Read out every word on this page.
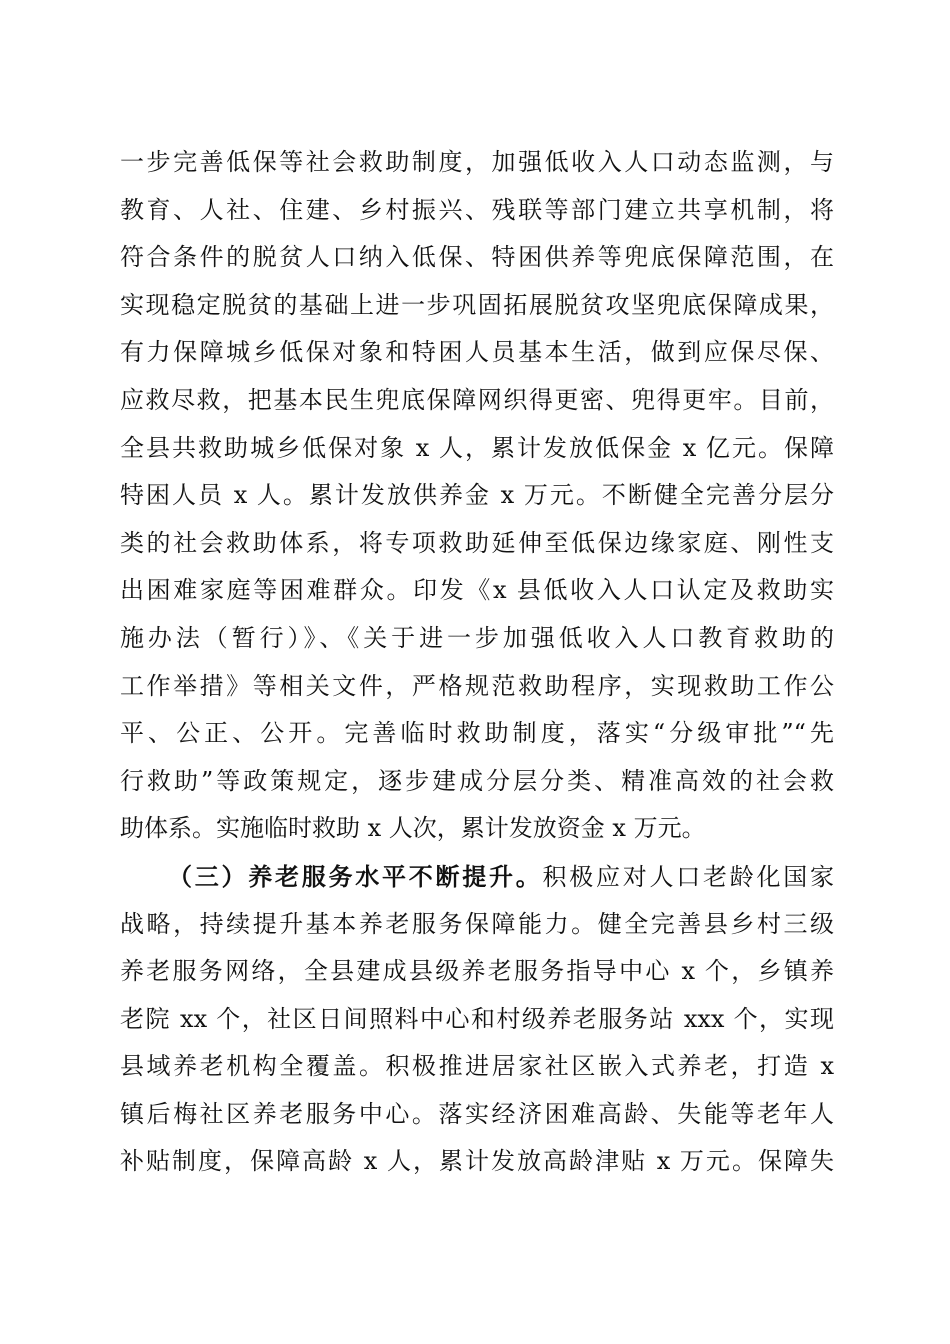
一步完善低保等社会救助制度，加强低收入人口动态监测，与
教育、人社、住建、乡村振兴、残联等部门建立共享机制，将
符合条件的脱贫人口纳入低保、特困供养等兜底保障范围，在
实现稳定脱贫的基础上进一步巩固拓展脱贫攻坚兜底保障成果，
有力保障城乡低保对象和特困人员基本生活，做到应保尽保、
应救尽救，把基本民生兜底保障网织得更密、兜得更牢。目前，
全县共救助城乡低保对象 x 人，累计发放低保金 x 亿元。保障
特困人员 x 人。累计发放供养金 x 万元。不断健全完善分层分
类的社会救助体系，将专项救助延伸至低保边缘家庭、刚性支
出困难家庭等困难群众。印发《x 县低收入人口认定及救助实
施办法（暂行）》、《关于进一步加强低收入人口教育救助的
工作举措》等相关文件，严格规范救助程序，实现救助工作公
平、公正、公开。完善临时救助制度，落实“分级审批”“先
行救助”等政策规定，逐步建成分层分类、精准高效的社会救
助体系。实施临时救助 x 人次，累计发放资金 x 万元。
（三）养老服务水平不断提升。积极应对人口老龄化国家
战略，持续提升基本养老服务保障能力。健全完善县乡村三级
养老服务网络，全县建成县级养老服务指导中心 x 个，乡镇养
老院 xx 个，社区日间照料中心和村级养老服务站 xxx 个，实现
县域养老机构全覆盖。积极推进居家社区嵌入式养老，打造 x
镇后梅社区养老服务中心。落实经济困难高龄、失能等老年人
补贴制度，保障高龄 x 人，累计发放高龄津贴 x 万元。保障失
